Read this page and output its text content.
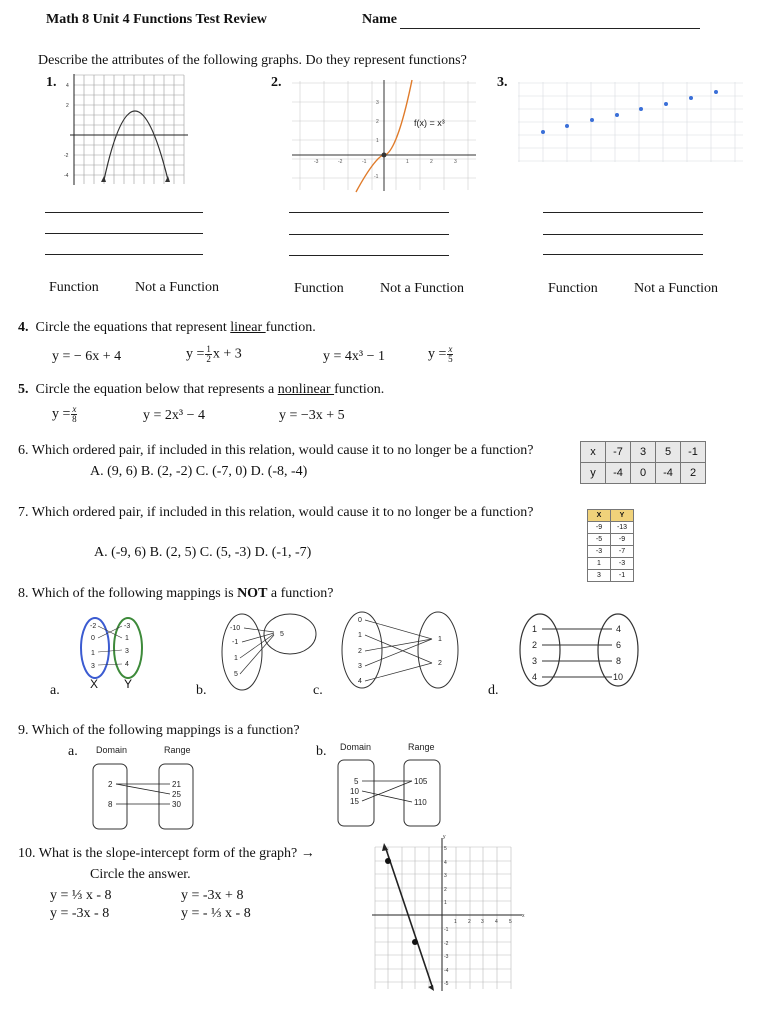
Math 8 Unit 4 Functions Test Review	Name
Describe the attributes of the following graphs. Do they represent functions?
1.	2.	3.
4
2
-2
-4
f(x) = x³
-3	-2	-1	1	2	3
3
2
1
-1
Function	Not a Function	Function	Not a Function	Function	Not a Function
4. Circle the equations that represent linear function.
y = − 6x + 4	$y = \frac{1}{2}$ x + 3	y = 4x³ − 1	$y = \frac{x}{5}$
5. Circle the equation below that represents a nonlinear function.
$y = \frac{x}{8}$	y = 2x³ − 4	y = −3x + 5
6. Which ordered pair, if included in this relation, would cause it to no longer be a function?
A. (9, 6) B. (2, -2) C. (-7, 0) D. (-8, -4)
x	-7	3	5	-1
y	-4	0	-4	2
7. Which ordered pair, if included in this relation, would cause it to no longer be a function?
A. (-9, 6) B. (2, 5) C. (5, -3) D. (-1, -7)
X	Y
-9	-13
-5	-9
-3	-7
1	-3
3	-1
8. Which of the following mappings is NOT a function?
-2
0
1
3
-3
1
3
4
X Y
a.
-10
-1
1
5
5
b.
0
1
2
3
4
1
2
c.
1
2
3
4
4
6
8
10
d.
9. Which of the following mappings is a function?
a. Domain	Range
2
8
21
25
30
b. Domain	Range
5
10
15
105
110
10. What is the slope-intercept form of the graph? →
Circle the answer.
y = ⅓ x - 8	y = -3x + 8
y = -3x - 8	y = - ⅓ x - 8
5
4
3
2
1
-1
-2
-3
-4
-5
1 2 3 4 5
y
x
